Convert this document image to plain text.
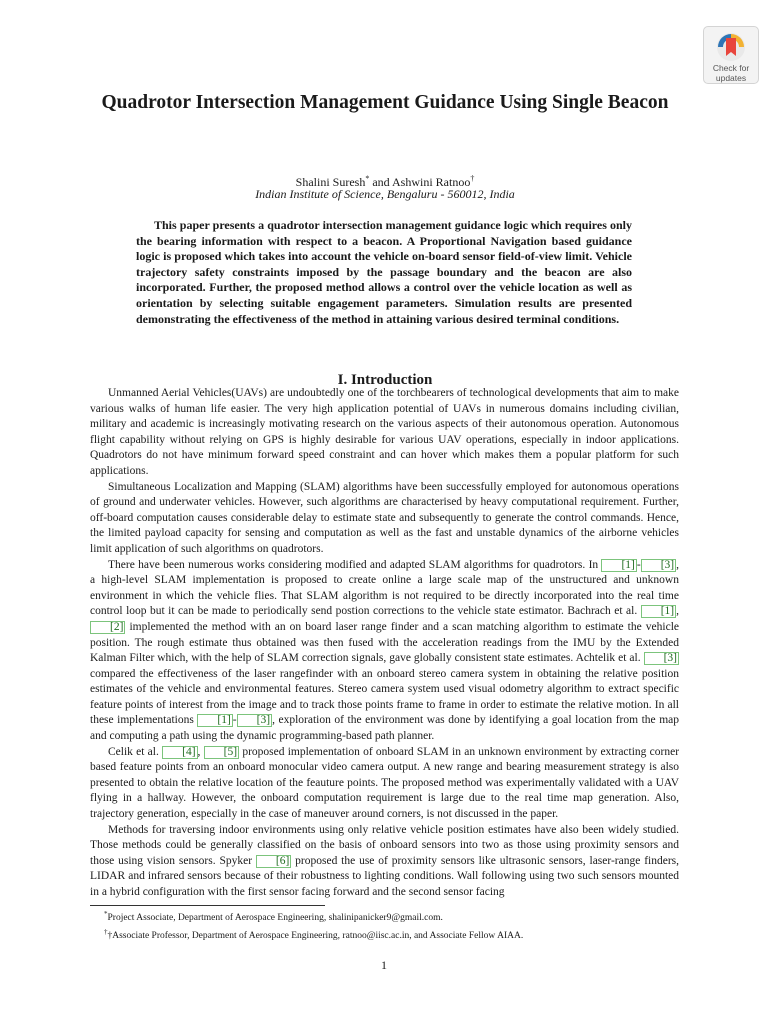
Check for
updates
Quadrotor Intersection Management Guidance Using Single Beacon
Shalini Suresh* and Ashwini Ratnoo†
Indian Institute of Science, Bengaluru - 560012, India

This paper presents a quadrotor intersection management guidance logic which requires only the bearing information with respect to a beacon. A Proportional Navigation based guidance logic is proposed which takes into account the vehicle on-board sensor field-of-view limit. Vehicle trajectory safety constraints imposed by the passage boundary and the beacon are also incorporated. Further, the proposed method allows a control over the vehicle location as well as orientation by selecting suitable engagement parameters. Simulation results are presented demonstrating the effectiveness of the method in attaining various desired terminal conditions.

I. Introduction

Unmanned Aerial Vehicles(UAVs) are undoubtedly one of the torchbearers of technological developments that aim to make various walks of human life easier. The very high application potential of UAVs in numerous domains including civilian, military and academic is increasingly motivating research on the various aspects of their autonomous operation. Autonomous flight capability without relying on GPS is highly desirable for various UAV operations, especially in indoor applications. Quadrotors do not have minimum forward speed constraint and can hover which makes them a popular platform for such applications.

Simultaneous Localization and Mapping (SLAM) algorithms have been successfully employed for autonomous operations of ground and underwater vehicles. However, such algorithms are characterised by heavy computational requirement. Further, off-board computation causes considerable delay to estimate state and subsequently to generate the control commands. Hence, the limited payload capacity for sensing and computation as well as the fast and unstable dynamics of the airborne vehicles limit application of such algorithms on quadrotors.

There have been numerous works considering modified and adapted SLAM algorithms for quadrotors. In [1] - [3] , a high-level SLAM implementation is proposed to create online a large scale map of the unstructured and unknown environment in which the vehicle flies. That SLAM algorithm is not required to be directly incorporated into the real time control loop but it can be made to periodically send postion corrections to the vehicle state estimator. Bachrach et al. [1] ,[2] implemented the method with an on board laser range finder and a scan matching algorithm to estimate the vehicle position. The rough estimate thus obtained was then fused with the acceleration readings from the IMU by the Extended Kalman Filter which, with the help of SLAM correction signals, gave globally consistent state estimates. Achtelik et al. [3] compared the effectiveness of the laser rangefinder with an onboard stereo camera system in obtaining the relative position estimates of the vehicle and environmental features. Stereo camera system used visual odometry algorithm to extract specific feature points of interest from the image and to track those points frame to frame in order to estimate the relative motion. In all these implementations [1] - [3] , exploration of the environment was done by identifying a goal location from the map and computing a path using the dynamic programming-based path planner.

Celik et al. [4] , [5] proposed implementation of onboard SLAM in an unknown environment by extracting corner based feature points from an onboard monocular video camera output. A new range and bearing measurement strategy is also presented to obtain the relative location of the feauture points. The proposed method was experimentally validated with a UAV flying in a hallway. However, the onboard computation requirement is large due to the real time map generation. Also, trajectory generation, especially in the case of maneuver around corners, is not discussed in the paper.

Methods for traversing indoor environments using only relative vehicle position estimates have also been widely studied. Those methods could be generally classified on the basis of onboard sensors into two as those using proximity sensors and those using vision sensors. Spyker [6] proposed the use of proximity sensors like ultrasonic sensors, laser-range finders, LIDAR and infrared sensors because of their robustness to lighting conditions. Wall following using two such sensors mounted in a hybrid configuration with the first sensor facing forward and the second sensor facing

*Project Associate, Department of Aerospace Engineering, shalinipanicker9@gmail.com.
††Associate Professor, Department of Aerospace Engineering, ratnoo@iisc.ac.in, and Associate Fellow AIAA.
1
